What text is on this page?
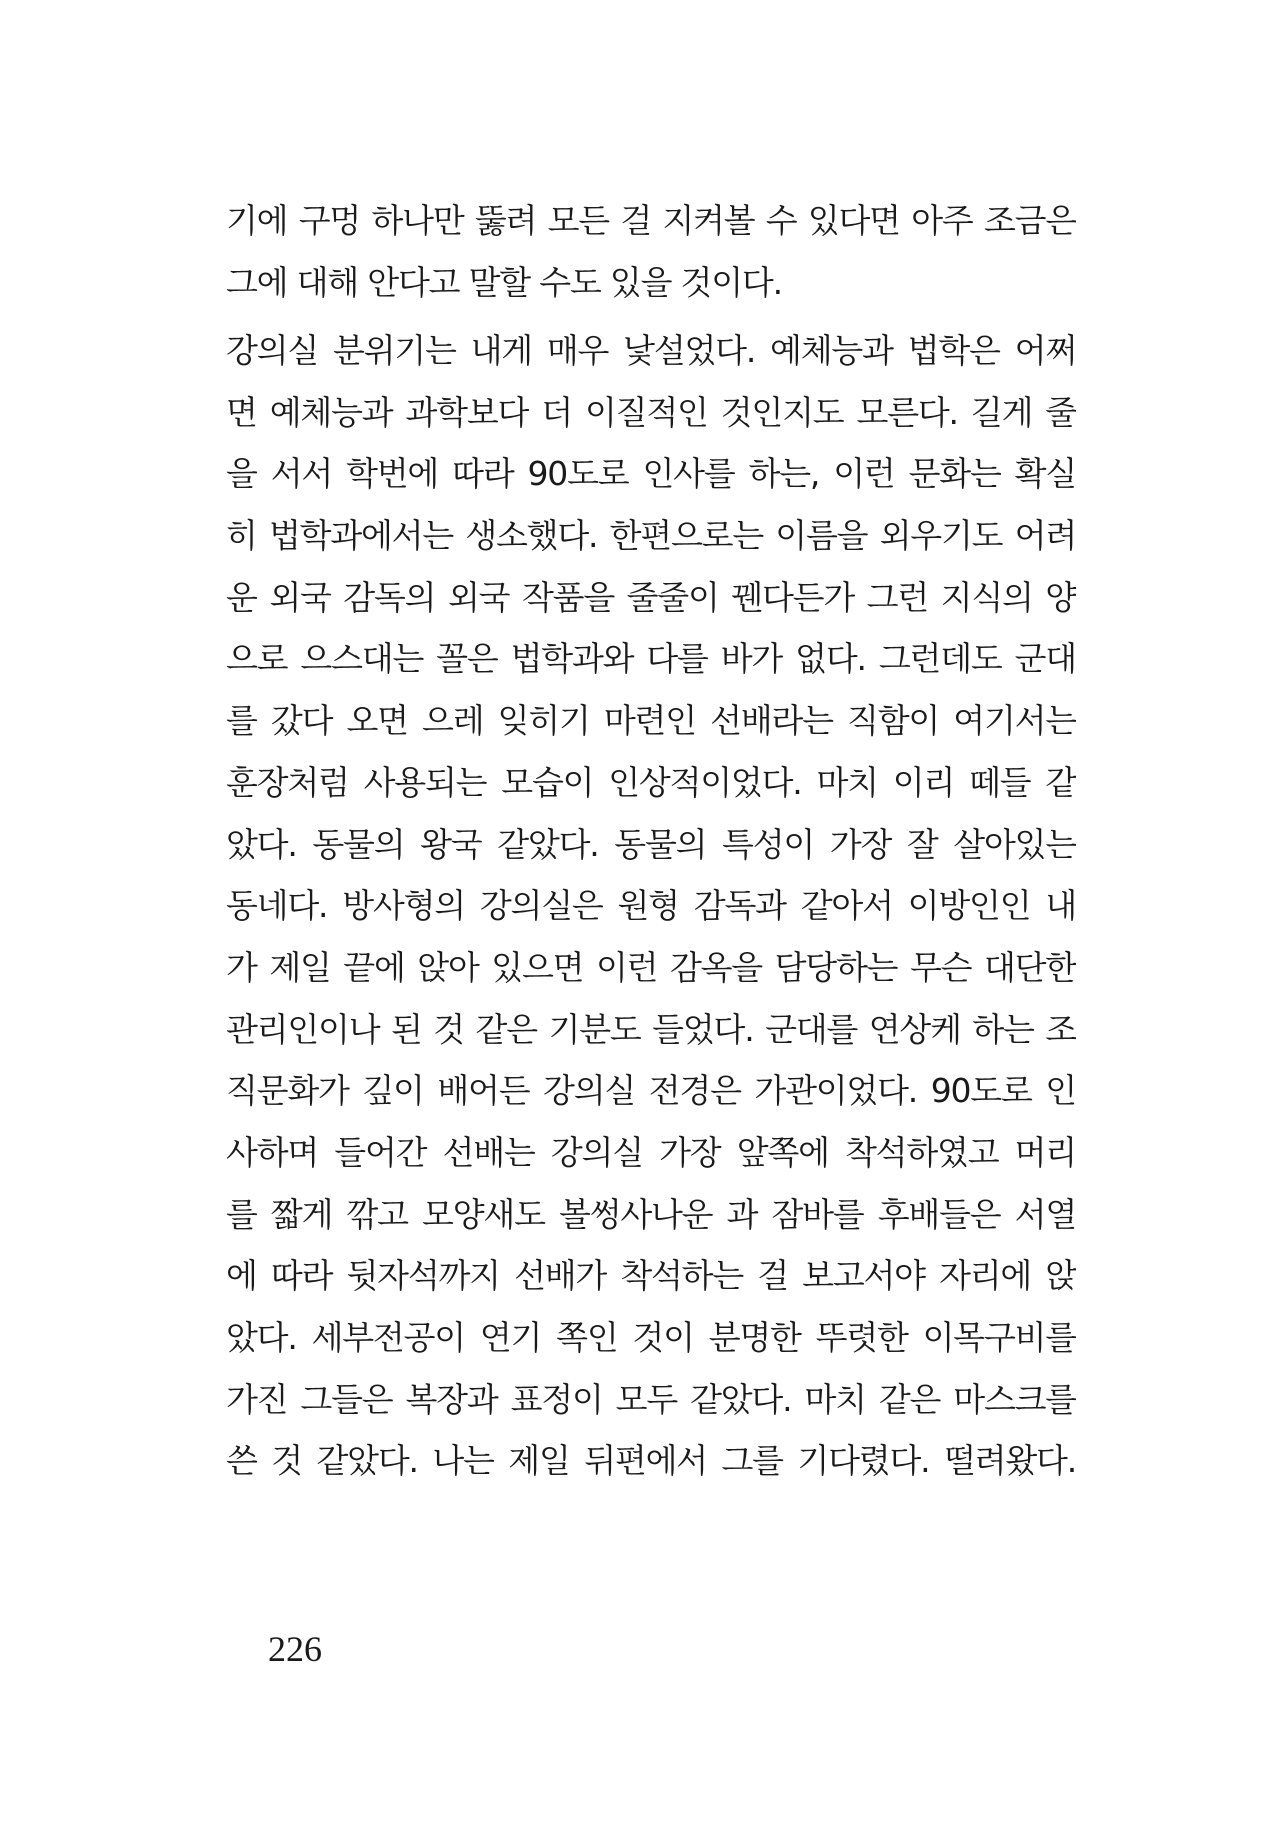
기에 구멍 하나만 뚫려 모든 걸 지켜볼 수 있다면 아주 조금은
그에 대해 안다고 말할 수도 있을 것이다.
강의실 분위기는 내게 매우 낯설었다. 예체능과 법학은 어쩌
면 예체능과 과학보다 더 이질적인 것인지도 모른다. 길게 줄
을 서서 학번에 따라 90도로 인사를 하는, 이런 문화는 확실
히 법학과에서는 생소했다. 한편으로는 이름을 외우기도 어려
운 외국 감독의 외국 작품을 줄줄이 꿴다든가 그런 지식의 양
으로 으스대는 꼴은 법학과와 다를 바가 없다. 그런데도 군대
를 갔다 오면 으레 잊히기 마련인 선배라는 직함이 여기서는
훈장처럼 사용되는 모습이 인상적이었다. 마치 이리 떼들 같
았다. 동물의 왕국 같았다. 동물의 특성이 가장 잘 살아있는
동네다. 방사형의 강의실은 원형 감독과 같아서 이방인인 내
가 제일 끝에 앉아 있으면 이런 감옥을 담당하는 무슨 대단한
관리인이나 된 것 같은 기분도 들었다. 군대를 연상케 하는 조
직문화가 깊이 배어든 강의실 전경은 가관이었다. 90도로 인
사하며 들어간 선배는 강의실 가장 앞쪽에 착석하였고 머리
를 짧게 깎고 모양새도 볼썽사나운 과 잠바를 후배들은 서열
에 따라 뒷자석까지 선배가 착석하는 걸 보고서야 자리에 앉
았다. 세부전공이 연기 쪽인 것이 분명한 뚜렷한 이목구비를
가진 그들은 복장과 표정이 모두 같았다. 마치 같은 마스크를
쓴 것 같았다. 나는 제일 뒤편에서 그를 기다렸다. 떨려왔다.
226
